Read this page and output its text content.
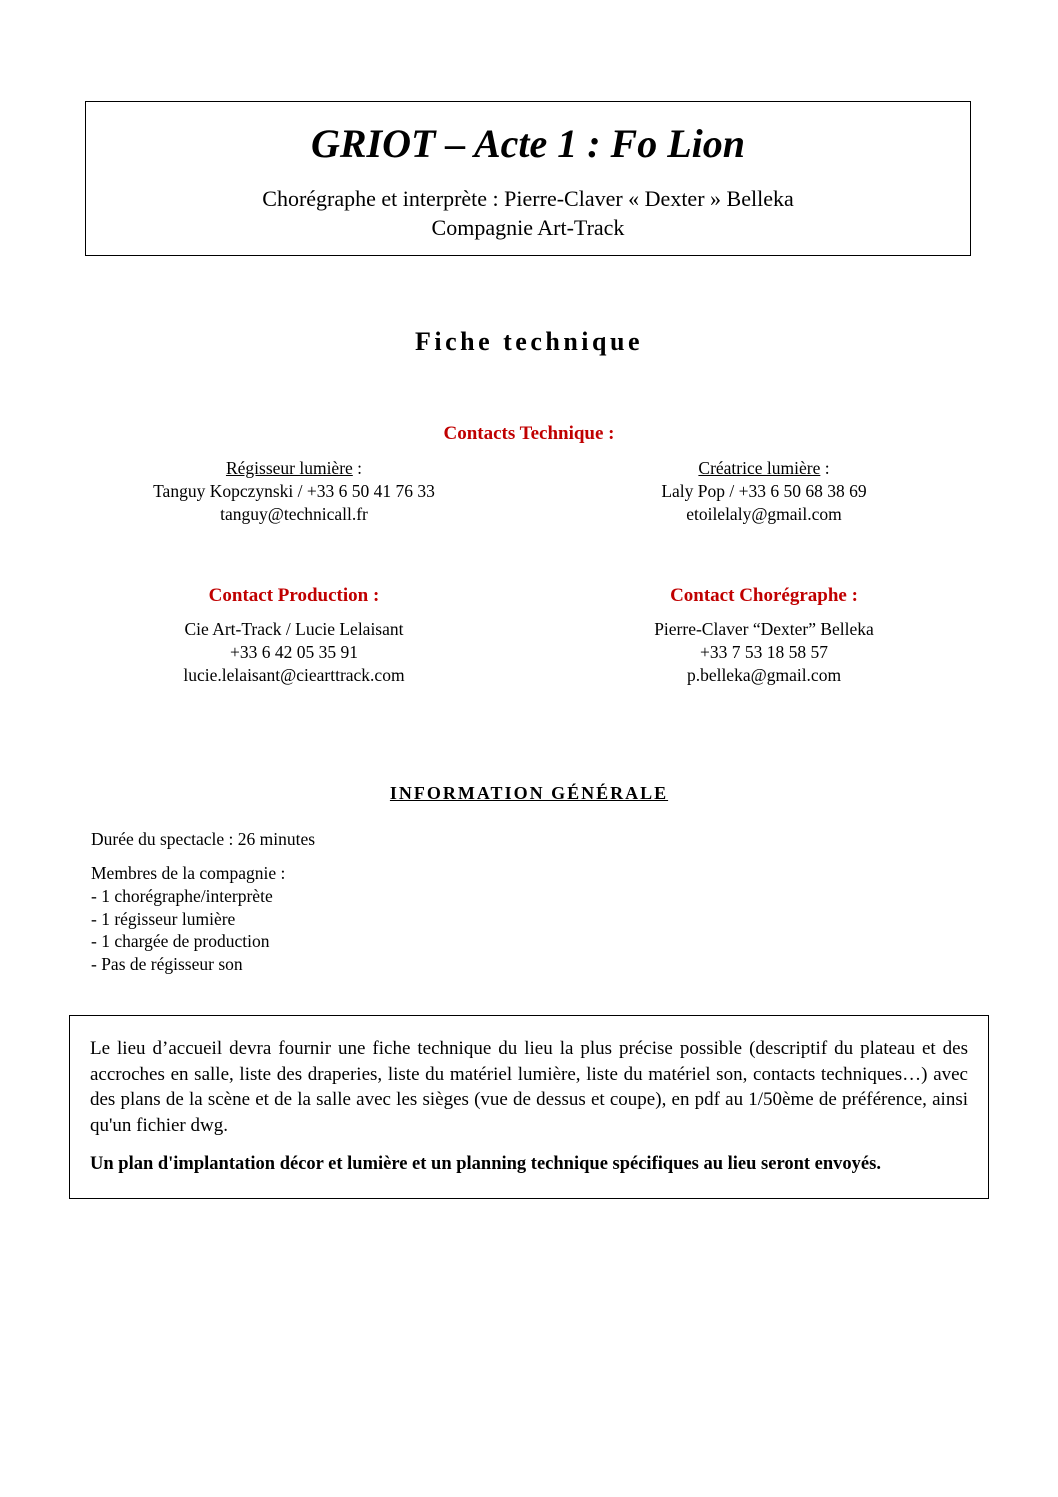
GRIOT – Acte 1 : Fo Lion
Chorégraphe et interprète : Pierre-Claver « Dexter » Belleka
Compagnie Art-Track
Fiche technique
Contacts Technique :
Régisseur lumière :
Tanguy Kopczynski / +33 6 50 41 76 33
tanguy@technicall.fr
Créatrice lumière :
Laly Pop / +33 6 50 68 38 69
etoilelaly@gmail.com
Contact Production :	Contact Chorégraphe :
Cie Art-Track / Lucie Lelaisant
+33 6 42 05 35 91
lucie.lelaisant@ciearttrack.com
Pierre-Claver “Dexter” Belleka
+33 7 53 18 58 57
p.belleka@gmail.com
INFORMATION GÉNÉRALE
Durée du spectacle : 26 minutes
Membres de la compagnie :
- 1 chorégraphe/interprète
- 1 régisseur lumière
- 1 chargée de production
- Pas de régisseur son

Le lieu d’accueil devra fournir une fiche technique du lieu la plus précise possible (descriptif du plateau et des accroches en salle, liste des draperies, liste du matériel lumière, liste du matériel son, contacts techniques…) avec des plans de la scène et de la salle avec les sièges (vue de dessus et coupe), en pdf au 1/50ème de préférence, ainsi qu'un fichier dwg.

Un plan d'implantation décor et lumière et un planning technique spécifiques au lieu seront envoyés.
